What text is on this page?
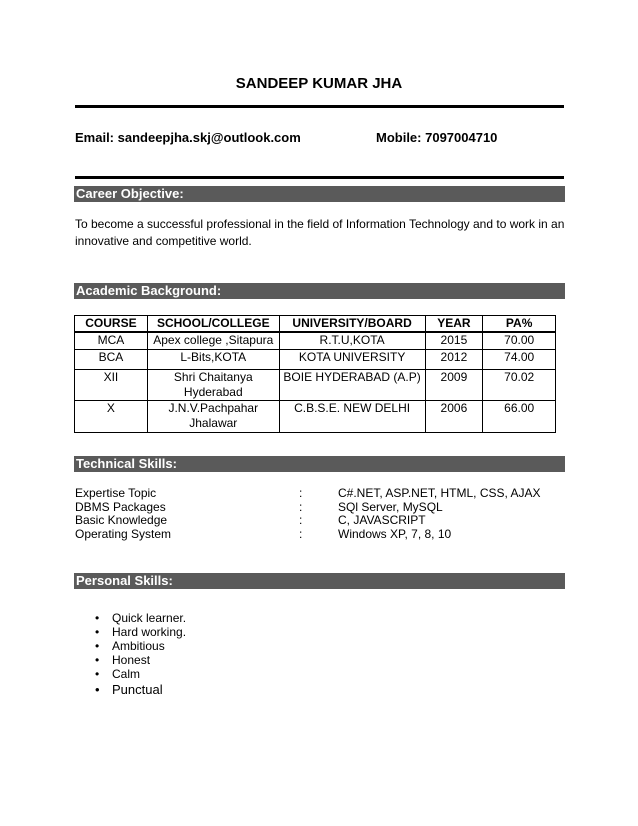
SANDEEP KUMAR JHA
Email: sandeepjha.skj@outlook.com	Mobile: 7097004710
Career Objective:
To become a successful professional in the field of Information Technology and to work in an innovative and competitive world.
Academic Background:
COURSE	SCHOOL/COLLEGE	UNIVERSITY/BOARD	YEAR	PA%
MCA	Apex college ,Sitapura	R.T.U,KOTA	2015	70.00
BCA	L-Bits,KOTA	KOTA UNIVERSITY	2012	74.00
XII	Shri Chaitanya Hyderabad	BOIE HYDERABAD (A.P)	2009	70.02
X	J.N.V.Pachpahar Jhalawar	C.B.S.E. NEW DELHI	2006	66.00
Technical Skills:
Expertise Topic	:	C#.NET, ASP.NET, HTML, CSS, AJAX
DBMS Packages	:	SQl Server, MySQL
Basic Knowledge	:	C, JAVASCRIPT
Operating System	:	Windows XP, 7, 8, 10
Personal Skills:
• Quick learner.
• Hard working.
• Ambitious
• Honest
• Calm
• Punctual
